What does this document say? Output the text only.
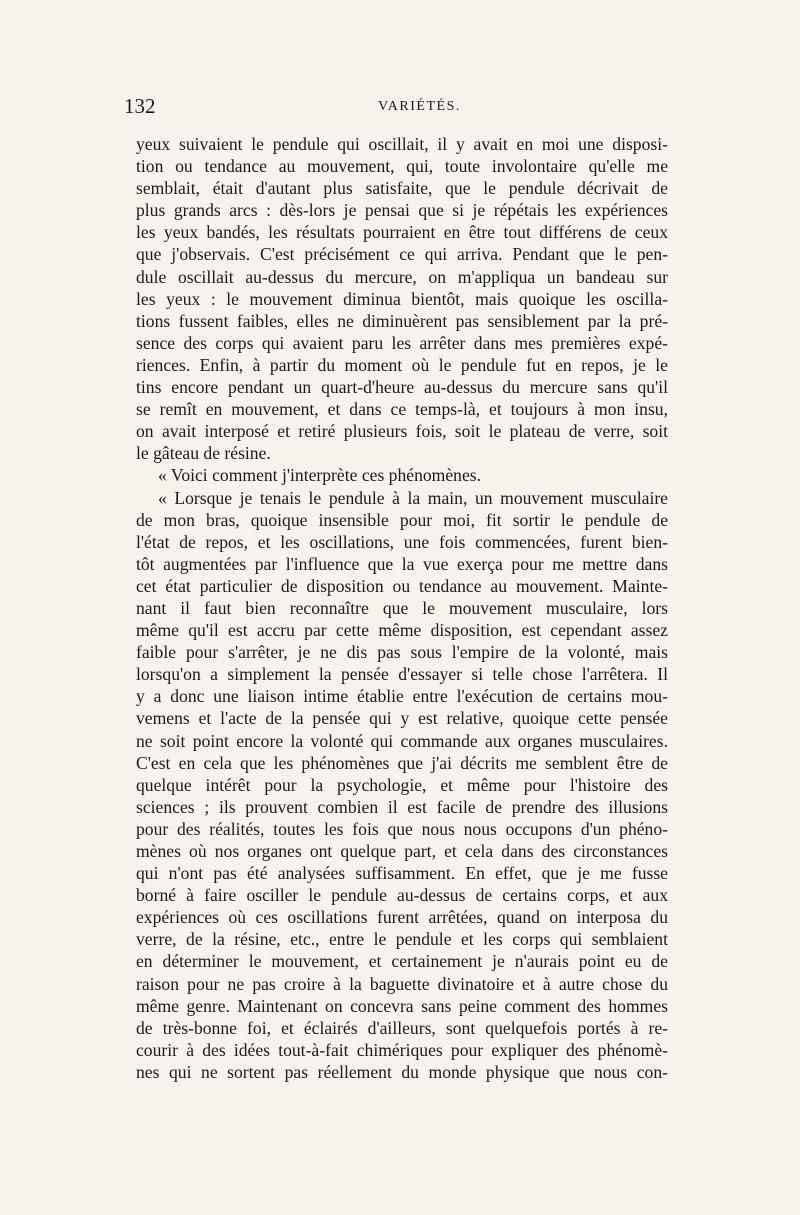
132	VARIÉTÉS.
yeux suivaient le pendule qui oscillait, il y avait en moi une disposi-
tion ou tendance au mouvement, qui, toute involontaire qu'elle me
semblait, était d'autant plus satisfaite, que le pendule décrivait de
plus grands arcs : dès-lors je pensai que si je répétais les expériences
les yeux bandés, les résultats pourraient en être tout différens de ceux
que j'observais. C'est précisément ce qui arriva. Pendant que le pen-
dule oscillait au-dessus du mercure, on m'appliqua un bandeau sur
les yeux : le mouvement diminua bientôt, mais quoique les oscilla-
tions fussent faibles, elles ne diminuèrent pas sensiblement par la pré-
sence des corps qui avaient paru les arrêter dans mes premières expé-
riences. Enfin, à partir du moment où le pendule fut en repos, je le
tins encore pendant un quart-d'heure au-dessus du mercure sans qu'il
se remît en mouvement, et dans ce temps-là, et toujours à mon insu,
on avait interposé et retiré plusieurs fois, soit le plateau de verre, soit
le gâteau de résine.
« Voici comment j'interprète ces phénomènes.
« Lorsque je tenais le pendule à la main, un mouvement musculaire
de mon bras, quoique insensible pour moi, fit sortir le pendule de
l'état de repos, et les oscillations, une fois commencées, furent bien-
tôt augmentées par l'influence que la vue exerça pour me mettre dans
cet état particulier de disposition ou tendance au mouvement. Mainte-
nant il faut bien reconnaître que le mouvement musculaire, lors
même qu'il est accru par cette même disposition, est cependant assez
faible pour s'arrêter, je ne dis pas sous l'empire de la volonté, mais
lorsqu'on a simplement la pensée d'essayer si telle chose l'arrêtera. Il
y a donc une liaison intime établie entre l'exécution de certains mou-
vemens et l'acte de la pensée qui y est relative, quoique cette pensée
ne soit point encore la volonté qui commande aux organes musculaires.
C'est en cela que les phénomènes que j'ai décrits me semblent être de
quelque intérêt pour la psychologie, et même pour l'histoire des
sciences ; ils prouvent combien il est facile de prendre des illusions
pour des réalités, toutes les fois que nous nous occupons d'un phéno-
mènes où nos organes ont quelque part, et cela dans des circonstances
qui n'ont pas été analysées suffisamment. En effet, que je me fusse
borné à faire osciller le pendule au-dessus de certains corps, et aux
expériences où ces oscillations furent arrêtées, quand on interposa du
verre, de la résine, etc., entre le pendule et les corps qui semblaient
en déterminer le mouvement, et certainement je n'aurais point eu de
raison pour ne pas croire à la baguette divinatoire et à autre chose du
même genre. Maintenant on concevra sans peine comment des hommes
de très-bonne foi, et éclairés d'ailleurs, sont quelquefois portés à re-
courir à des idées tout-à-fait chimériques pour expliquer des phénomè-
nes qui ne sortent pas réellement du monde physique que nous con-
